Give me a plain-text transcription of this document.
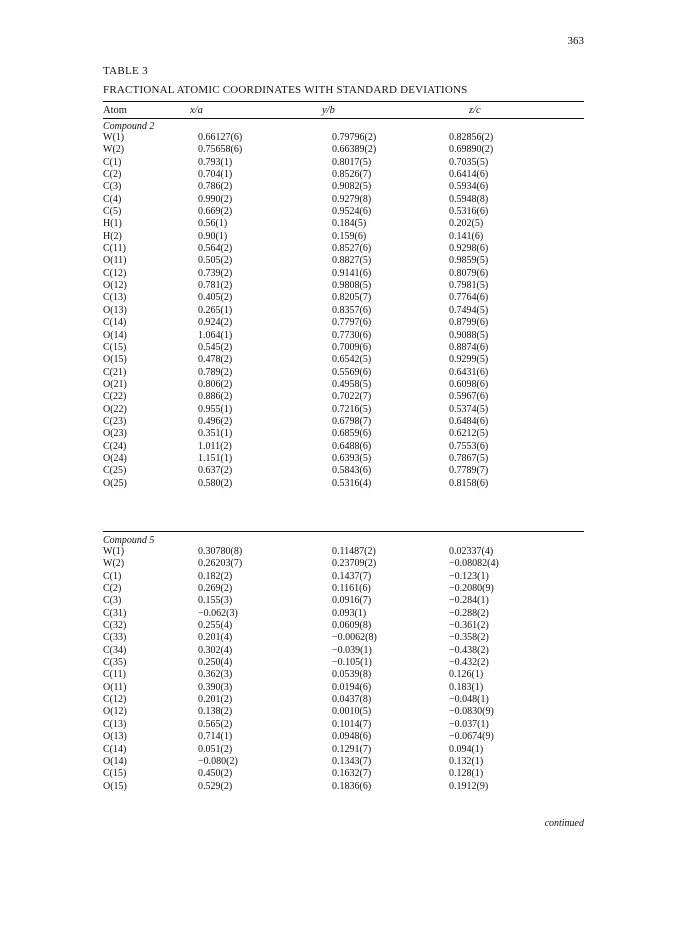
363
TABLE 3
FRACTIONAL ATOMIC COORDINATES WITH STANDARD DEVIATIONS
Atom	x/a	y/b	z/c
Compound 2
W(1)	0.66127(6)	0.79796(2)	0.82856(2)
W(2)	0.75658(6)	0.66389(2)	0.69890(2)
C(1)	0.793(1)	0.8017(5)	0.7035(5)
C(2)	0.704(1)	0.8526(7)	0.6414(6)
C(3)	0.786(2)	0.9082(5)	0.5934(6)
C(4)	0.990(2)	0.9279(8)	0.5948(8)
C(5)	0.669(2)	0.9524(6)	0.5316(6)
H(1)	0.56(1)	0.184(5)	0.202(5)
H(2)	0.90(1)	0.159(6)	0.141(6)
C(11)	0.564(2)	0.8527(6)	0.9298(6)
O(11)	0.505(2)	0.8827(5)	0.9859(5)
C(12)	0.739(2)	0.9141(6)	0.8079(6)
O(12)	0.781(2)	0.9808(5)	0.7981(5)
C(13)	0.405(2)	0.8205(7)	0.7764(6)
O(13)	0.265(1)	0.8357(6)	0.7494(5)
C(14)	0.924(2)	0.7797(6)	0.8799(6)
O(14)	1.064(1)	0.7730(6)	0.9088(5)
C(15)	0.545(2)	0.7009(6)	0.8874(6)
O(15)	0.478(2)	0.6542(5)	0.9299(5)
C(21)	0.789(2)	0.5569(6)	0.6431(6)
O(21)	0.806(2)	0.4958(5)	0.6098(6)
C(22)	0.886(2)	0.7022(7)	0.5967(6)
O(22)	0.955(1)	0.7216(5)	0.5374(5)
C(23)	0.496(2)	0.6798(7)	0.6484(6)
O(23)	0.351(1)	0.6859(6)	0.6212(5)
C(24)	1.011(2)	0.6488(6)	0.7553(6)
O(24)	1.151(1)	0.6393(5)	0.7867(5)
C(25)	0.637(2)	0.5843(6)	0.7789(7)
O(25)	0.580(2)	0.5316(4)	0.8158(6)
Compound 5
W(1)	0.30780(8)	0.11487(2)	0.02337(4)
W(2)	0.26203(7)	0.23709(2)	−0.08082(4)
C(1)	0.182(2)	0.1437(7)	−0.123(1)
C(2)	0.269(2)	0.1161(6)	−0.2080(9)
C(3)	0.155(3)	0.0916(7)	−0.284(1)
C(31)	−0.062(3)	0.093(1)	−0.288(2)
C(32)	0.255(4)	0.0609(8)	−0.361(2)
C(33)	0.201(4)	−0.0062(8)	−0.358(2)
C(34)	0.302(4)	−0.039(1)	−0.438(2)
C(35)	0.250(4)	−0.105(1)	−0.432(2)
C(11)	0.362(3)	0.0539(8)	0.126(1)
O(11)	0.390(3)	0.0194(6)	0.183(1)
C(12)	0.201(2)	0.0437(8)	−0.048(1)
O(12)	0.138(2)	0.0010(5)	−0.0830(9)
C(13)	0.565(2)	0.1014(7)	−0.037(1)
O(13)	0.714(1)	0.0948(6)	−0.0674(9)
C(14)	0.051(2)	0.1291(7)	0.094(1)
O(14)	−0.080(2)	0.1343(7)	0.132(1)
C(15)	0.450(2)	0.1632(7)	0.128(1)
O(15)	0.529(2)	0.1836(6)	0.1912(9)
continued
